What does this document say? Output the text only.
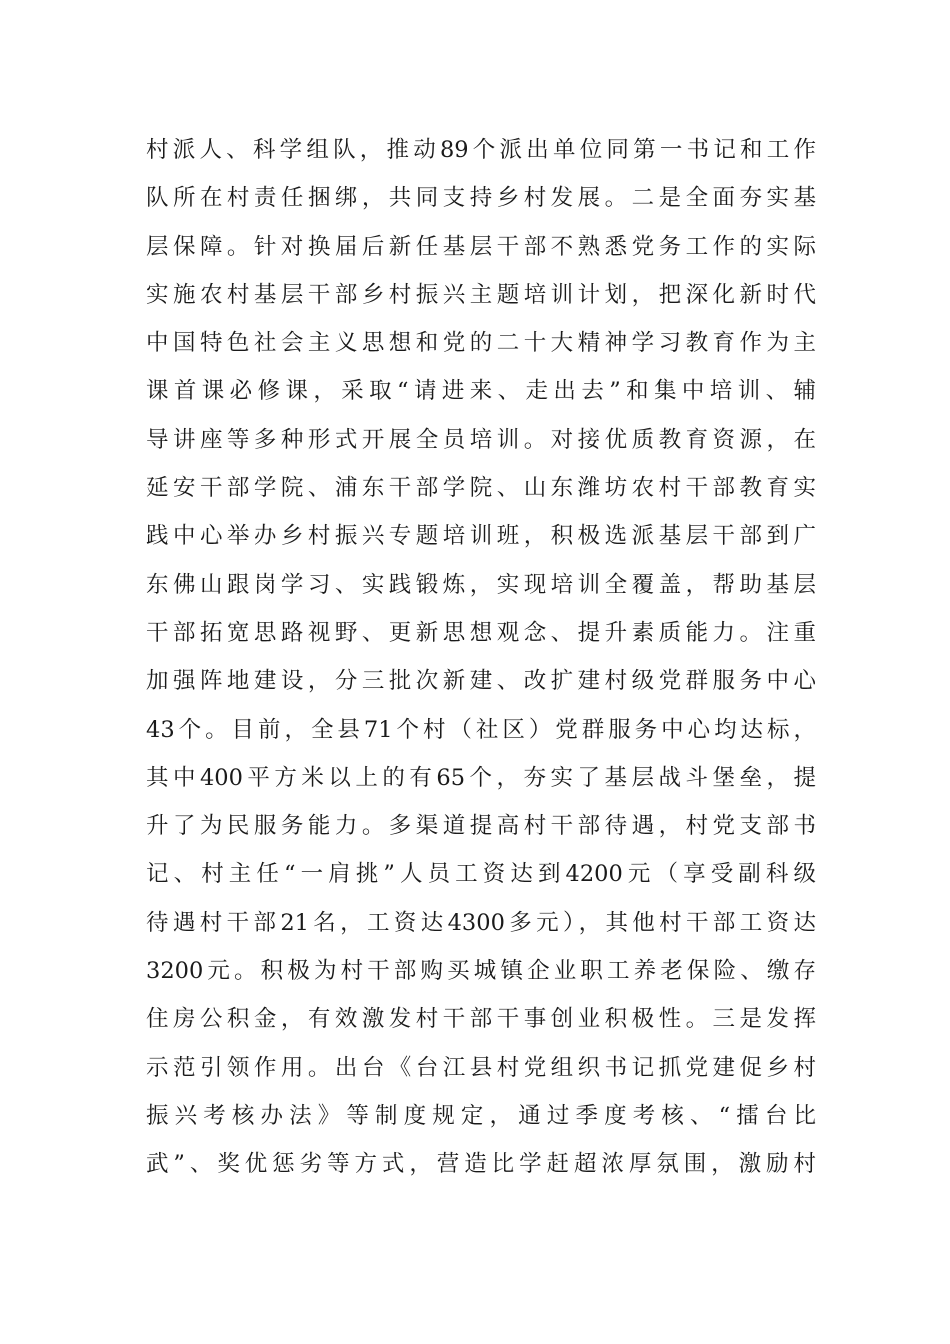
村派人、科学组队，推动89个派出单位同第一书记和工作
队所在村责任捆绑，共同支持乡村发展。二是全面夯实基
层保障。针对换届后新任基层干部不熟悉党务工作的实际
实施农村基层干部乡村振兴主题培训计划，把深化新时代
中国特色社会主义思想和党的二十大精神学习教育作为主
课首课必修课，采取“请进来、走出去”和集中培训、辅
导讲座等多种形式开展全员培训。对接优质教育资源，在
延安干部学院、浦东干部学院、山东潍坊农村干部教育实
践中心举办乡村振兴专题培训班，积极选派基层干部到广
东佛山跟岗学习、实践锻炼，实现培训全覆盖，帮助基层
干部拓宽思路视野、更新思想观念、提升素质能力。注重
加强阵地建设，分三批次新建、改扩建村级党群服务中心
43个。目前，全县71个村（社区）党群服务中心均达标，
其中400平方米以上的有65个，夯实了基层战斗堡垒，提
升了为民服务能力。多渠道提高村干部待遇，村党支部书
记、村主任“一肩挑”人员工资达到4200元（享受副科级
待遇村干部21名，工资达4300多元），其他村干部工资达
3200元。积极为村干部购买城镇企业职工养老保险、缴存
住房公积金，有效激发村干部干事创业积极性。三是发挥
示范引领作用。出台《台江县村党组织书记抓党建促乡村
振兴考核办法》等制度规定，通过季度考核、“擂台比
武”、奖优惩劣等方式，营造比学赶超浓厚氛围，激励村
